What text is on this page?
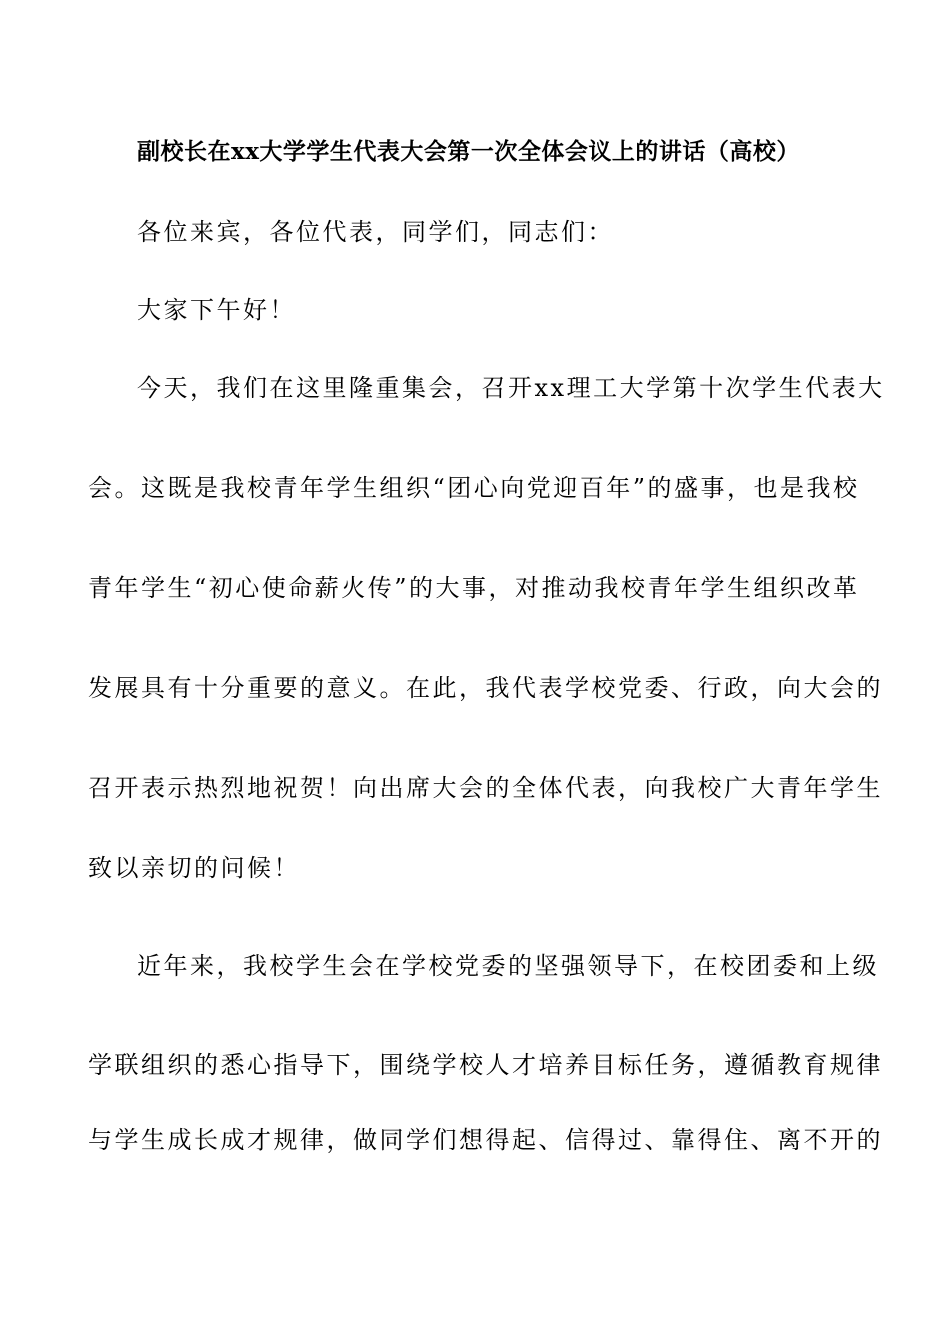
副校长在xx大学学生代表大会第一次全体会议上的讲话（高校）

各位来宾，各位代表，同学们，同志们：

大家下午好！

今天，我们在这里隆重集会，召开xx理工大学第十次学生代表大

会。这既是我校青年学生组织“团心向党迎百年”的盛事，也是我校

青年学生“初心使命薪火传”的大事，对推动我校青年学生组织改革

发展具有十分重要的意义。在此，我代表学校党委、行政，向大会的

召开表示热烈地祝贺！向出席大会的全体代表，向我校广大青年学生

致以亲切的问候！

近年来，我校学生会在学校党委的坚强领导下，在校团委和上级

学联组织的悉心指导下，围绕学校人才培养目标任务，遵循教育规律

与学生成长成才规律，做同学们想得起、信得过、靠得住、离不开的
